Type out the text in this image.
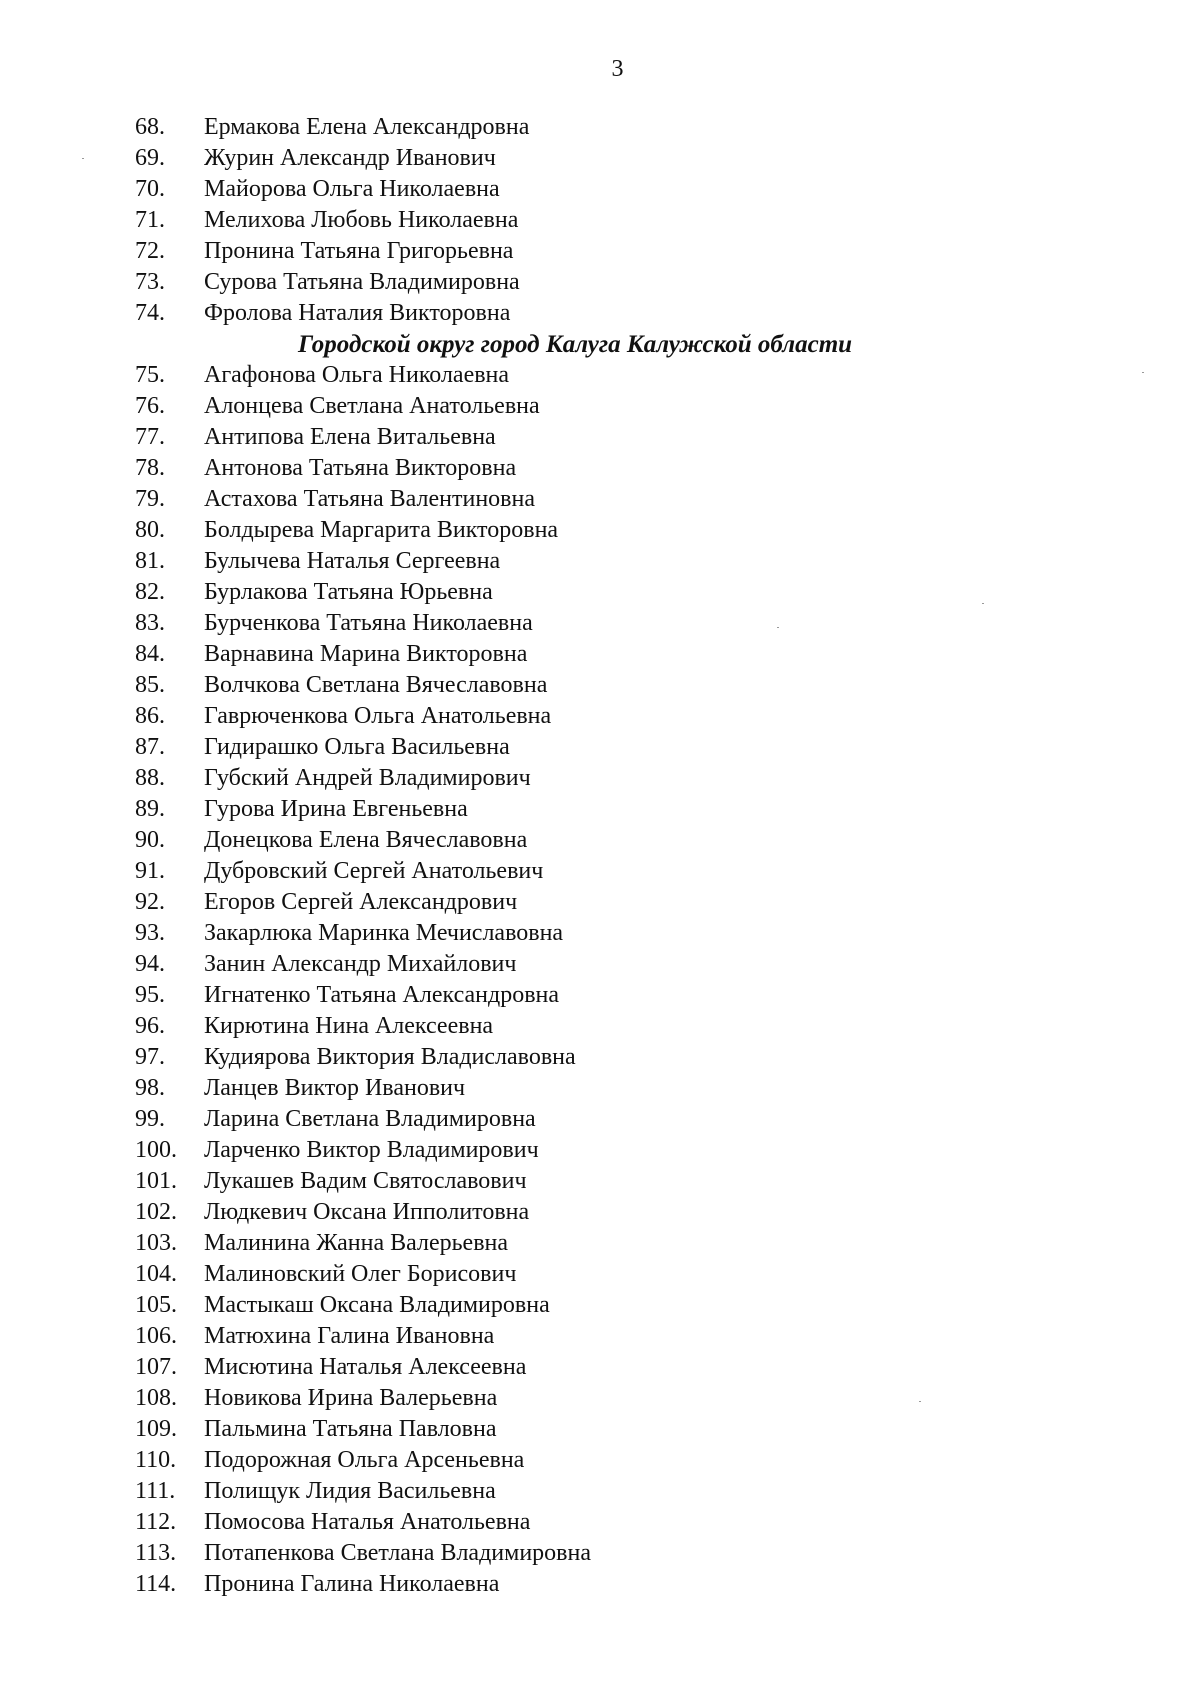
3
68. Ермакова Елена Александровна
69. Журин Александр Иванович
70. Майорова Ольга Николаевна
71. Мелихова Любовь Николаевна
72. Пронина Татьяна Григорьевна
73. Сурова Татьяна Владимировна
74. Фролова Наталия Викторовна
Городской округ город Калуга Калужской области
75. Агафонова Ольга Николаевна
76. Алонцева Светлана Анатольевна
77. Антипова Елена Витальевна
78. Антонова Татьяна Викторовна
79. Астахова Татьяна Валентиновна
80. Болдырева Маргарита Викторовна
81. Булычева Наталья Сергеевна
82. Бурлакова Татьяна Юрьевна
83. Бурченкова Татьяна Николаевна
84. Варнавина Марина Викторовна
85. Волчкова Светлана Вячеславовна
86. Гаврюченкова Ольга Анатольевна
87. Гидирашко Ольга Васильевна
88. Губский Андрей Владимирович
89. Гурова Ирина Евгеньевна
90. Донецкова Елена Вячеславовна
91. Дубровский Сергей Анатольевич
92. Егоров Сергей Александрович
93. Закарлюка Маринка Мечиславовна
94. Занин Александр Михайлович
95. Игнатенко Татьяна Александровна
96. Кирютина Нина Алексеевна
97. Кудиярова Виктория Владиславовна
98. Ланцев Виктор Иванович
99. Ларина Светлана Владимировна
100. Ларченко Виктор Владимирович
101. Лукашев Вадим Святославович
102. Людкевич Оксана Ипполитовна
103. Малинина Жанна Валерьевна
104. Малиновский Олег Борисович
105. Мастыкаш Оксана Владимировна
106. Матюхина Галина Ивановна
107. Мисютина Наталья Алексеевна
108. Новикова Ирина Валерьевна
109. Пальмина Татьяна Павловна
110. Подорожная Ольга Арсеньевна
111. Полищук Лидия Васильевна
112. Помосова Наталья Анатольевна
113. Потапенкова Светлана Владимировна
114. Пронина Галина Николаевна
